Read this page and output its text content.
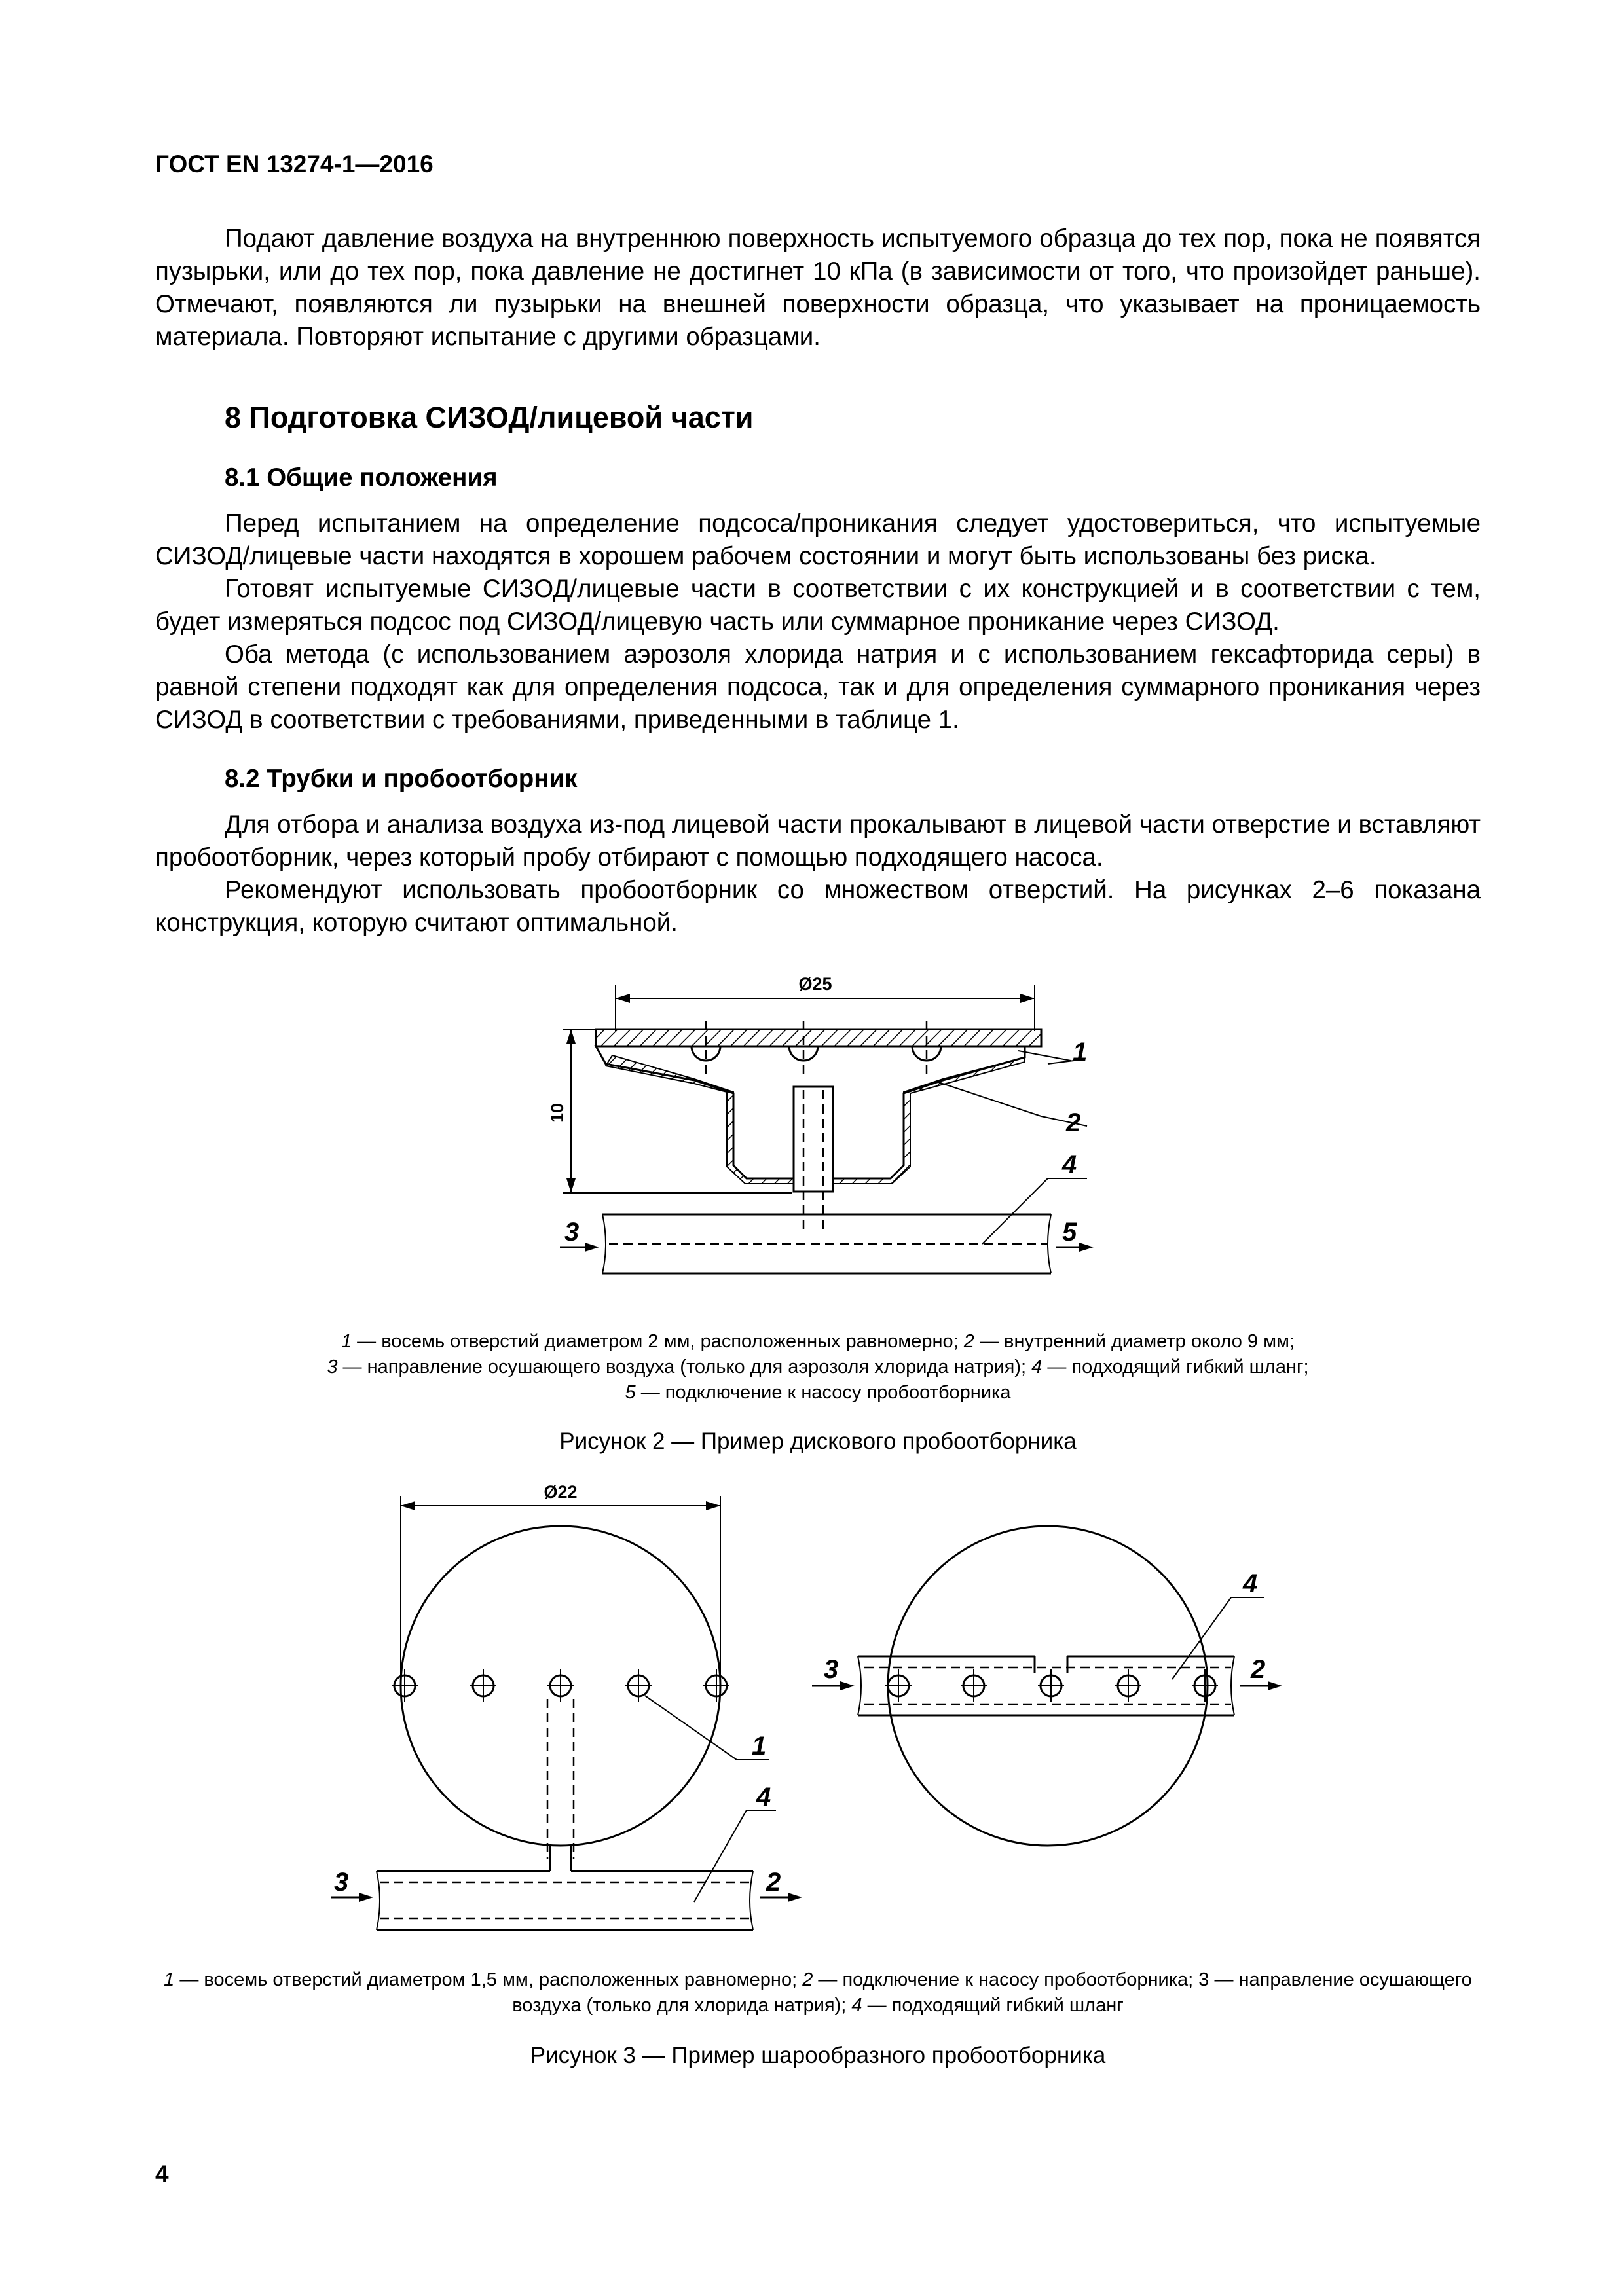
ГОСТ EN 13274-1—2016

Подают давление воздуха на внутреннюю поверхность испытуемого образца до тех пор, пока не появятся пузырьки, или до тех пор, пока давление не достигнет 10 кПа (в зависимости от того, что произойдет раньше). Отмечают, появляются ли пузырьки на внешней поверхности образца, что указывает на проницаемость материала. Повторяют испытание с другими образцами.

8 Подготовка СИЗОД/лицевой части
8.1 Общие положения

Перед испытанием на определение подсоса/проникания следует удостовериться, что испытуемые СИЗОД/лицевые части находятся в хорошем рабочем состоянии и могут быть использованы без риска.

Готовят испытуемые СИЗОД/лицевые части в соответствии с их конструкцией и в соответствии с тем, будет измеряться подсос под СИЗОД/лицевую часть или суммарное проникание через СИЗОД.

Оба метода (с использованием аэрозоля хлорида натрия и с использованием гексафторида серы) в равной степени подходят как для определения подсоса, так и для определения суммарного проникания через СИЗОД в соответствии с требованиями, приведенными в таблице 1.

8.2 Трубки и пробоотборник

Для отбора и анализа воздуха из-под лицевой части прокалывают в лицевой части отверстие и вставляют пробоотборник, через который пробу отбирают с помощью подходящего насоса.

Рекомендуют использовать пробоотборник со множеством отверстий. На рисунках 2–6 показана конструкция, которую считают оптимальной.

Ø25
10
1
2
3
4
5
Ø22
1
4
3	2
4
3	2
1 — восемь отверстий диаметром 2 мм, расположенных равномерно; 2 — внутренний диаметр около 9 мм;
3 — направление осушающего воздуха (только для аэрозоля хлорида натрия); 4 — подходящий гибкий шланг;
5 — подключение к насосу пробоотборника
Рисунок 2 — Пример дискового пробоотборника
1 — восемь отверстий диаметром 1,5 мм, расположенных равномерно; 2 — подключение к насосу пробоотборника; 3 — направление осушающего воздуха (только для хлорида натрия); 4 — подходящий гибкий шланг
Рисунок 3 — Пример шарообразного пробоотборника
4
